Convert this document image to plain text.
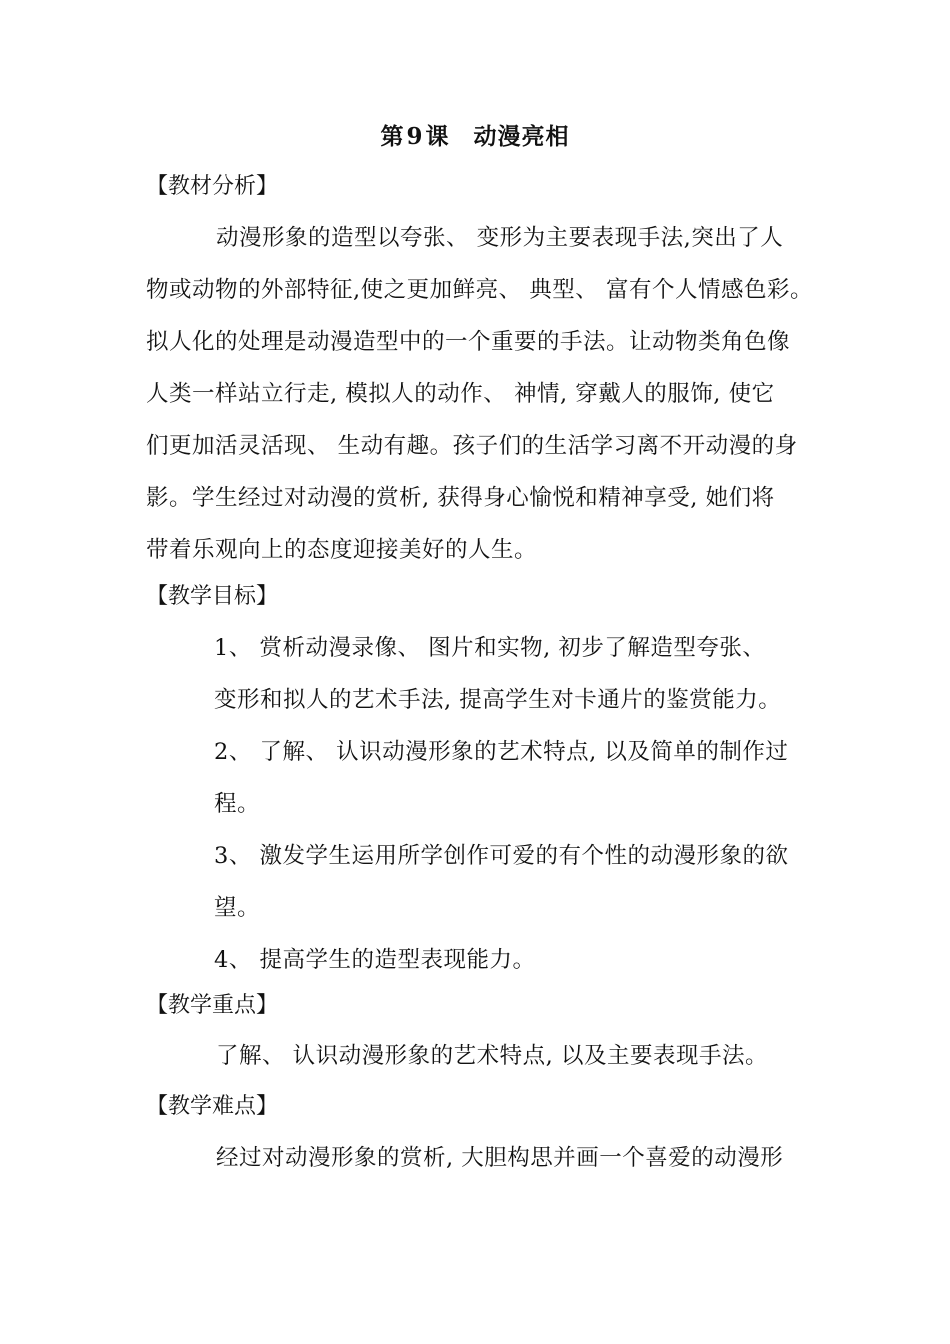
第9课 动漫亮相
【教材分析】
动漫形象的造型以夸张、 变形为主要表现手法,突出了人
物或动物的外部特征,使之更加鲜亮、 典型、 富有个人情感色彩。
拟人化的处理是动漫造型中的一个重要的手法。让动物类角色像
人类一样站立行走, 模拟人的动作、 神情, 穿戴人的服饰, 使它
们更加活灵活现、 生动有趣。孩子们的生活学习离不开动漫的身
影。学生经过对动漫的赏析, 获得身心愉悦和精神享受, 她们将
带着乐观向上的态度迎接美好的人生。
【教学目标】
1、 赏析动漫录像、 图片和实物, 初步了解造型夸张、
变形和拟人的艺术手法, 提高学生对卡通片的鉴赏能力。
2、 了解、 认识动漫形象的艺术特点, 以及简单的制作过
程。
3、 激发学生运用所学创作可爱的有个性的动漫形象的欲
望。
4、 提高学生的造型表现能力。
【教学重点】
了解、 认识动漫形象的艺术特点, 以及主要表现手法。
【教学难点】
经过对动漫形象的赏析, 大胆构思并画一个喜爱的动漫形
